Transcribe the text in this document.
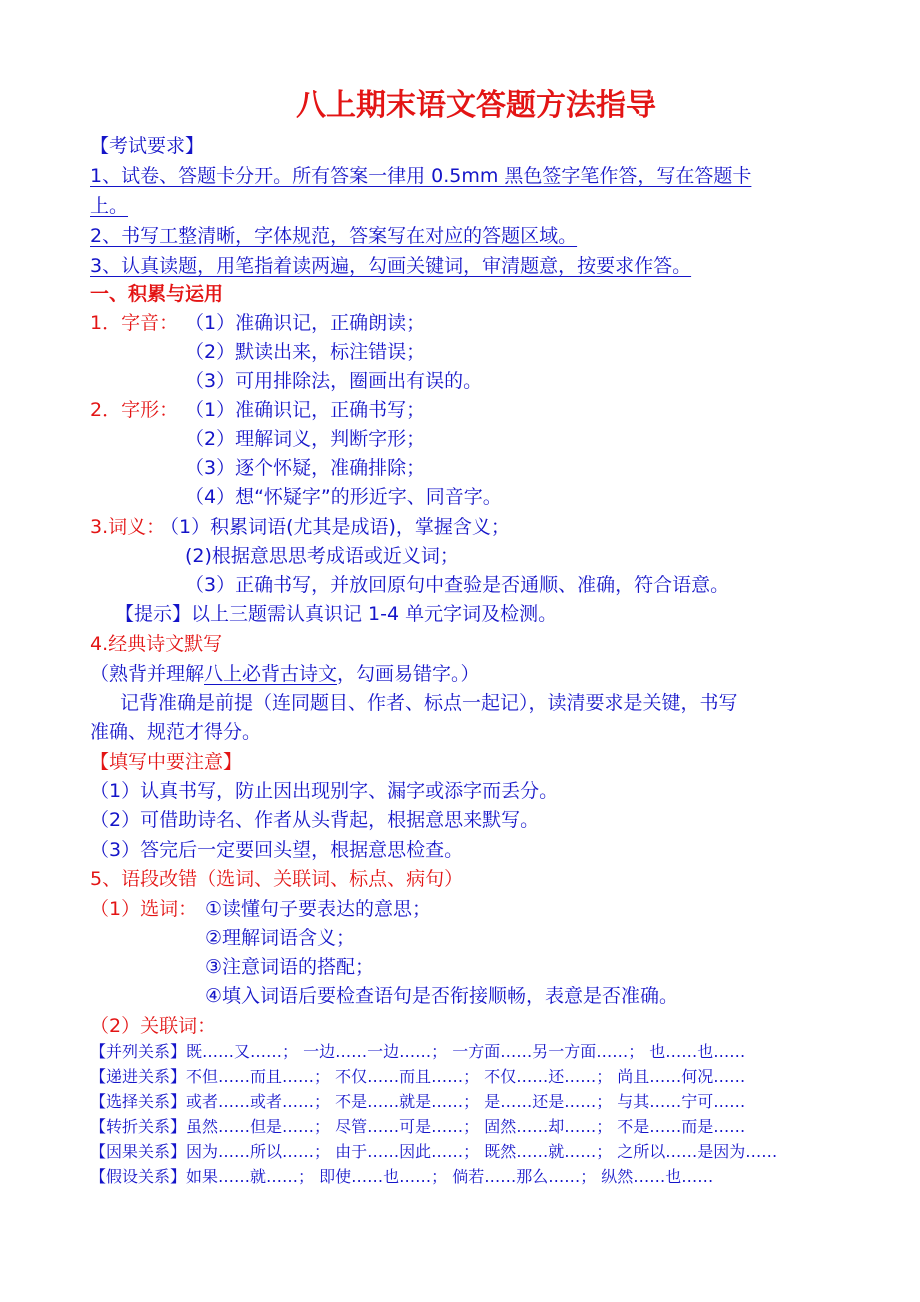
八上期末语文答题方法指导
【考试要求】
1、试卷、答题卡分开。所有答案一律用 0.5mm 黑色签字笔作答，写在答题卡
上。
2、书写工整清晰，字体规范，答案写在对应的答题区域。
3、认真读题，用笔指着读两遍，勾画关键词，审清题意，按要求作答。
一、积累与运用
1．字音： （1）准确识记，正确朗读；
（2）默读出来，标注错误；
（3）可用排除法，圈画出有误的。
2．字形： （1）准确识记，正确书写；
（2）理解词义，判断字形；
（3）逐个怀疑，准确排除；
（4）想“怀疑字”的形近字、同音字。
3.词义：
（1）积累词语(尤其是成语)，掌握含义；
(2)根据意思思考成语或近义词；
（3）正确书写，并放回原句中查验是否通顺、准确，符合语意。
【提示】以上三题需认真识记 1-4 单元字词及检测。
4.经典诗文默写
（熟背并理解八上必背古诗文，勾画易错字。）
记背准确是前提（连同题目、作者、标点一起记），读清要求是关键，书写
准确、规范才得分。
【填写中要注意】
（1）认真书写，防止因出现别字、漏字或添字而丢分。
（2）可借助诗名、作者从头背起，根据意思来默写。
（3）答完后一定要回头望，根据意思检查。
5、语段改错（选词、关联词、标点、病句）
（1）选词： ①读懂句子要表达的意思；
②理解词语含义；
③注意词语的搭配；
④填入词语后要检查语句是否衔接顺畅，表意是否准确。
（2）关联词：
【并列关系】既……又……； 一边……一边……； 一方面……另一方面……； 也……也……
【递进关系】不但……而且……； 不仅……而且……； 不仅……还……； 尚且……何况……
【选择关系】或者……或者……； 不是……就是……； 是……还是……； 与其……宁可……
【转折关系】虽然……但是……； 尽管……可是……； 固然……却……； 不是……而是……
【因果关系】因为……所以……； 由于……因此……； 既然……就……； 之所以……是因为……
【假设关系】如果……就……； 即使……也……； 倘若……那么……； 纵然……也……
